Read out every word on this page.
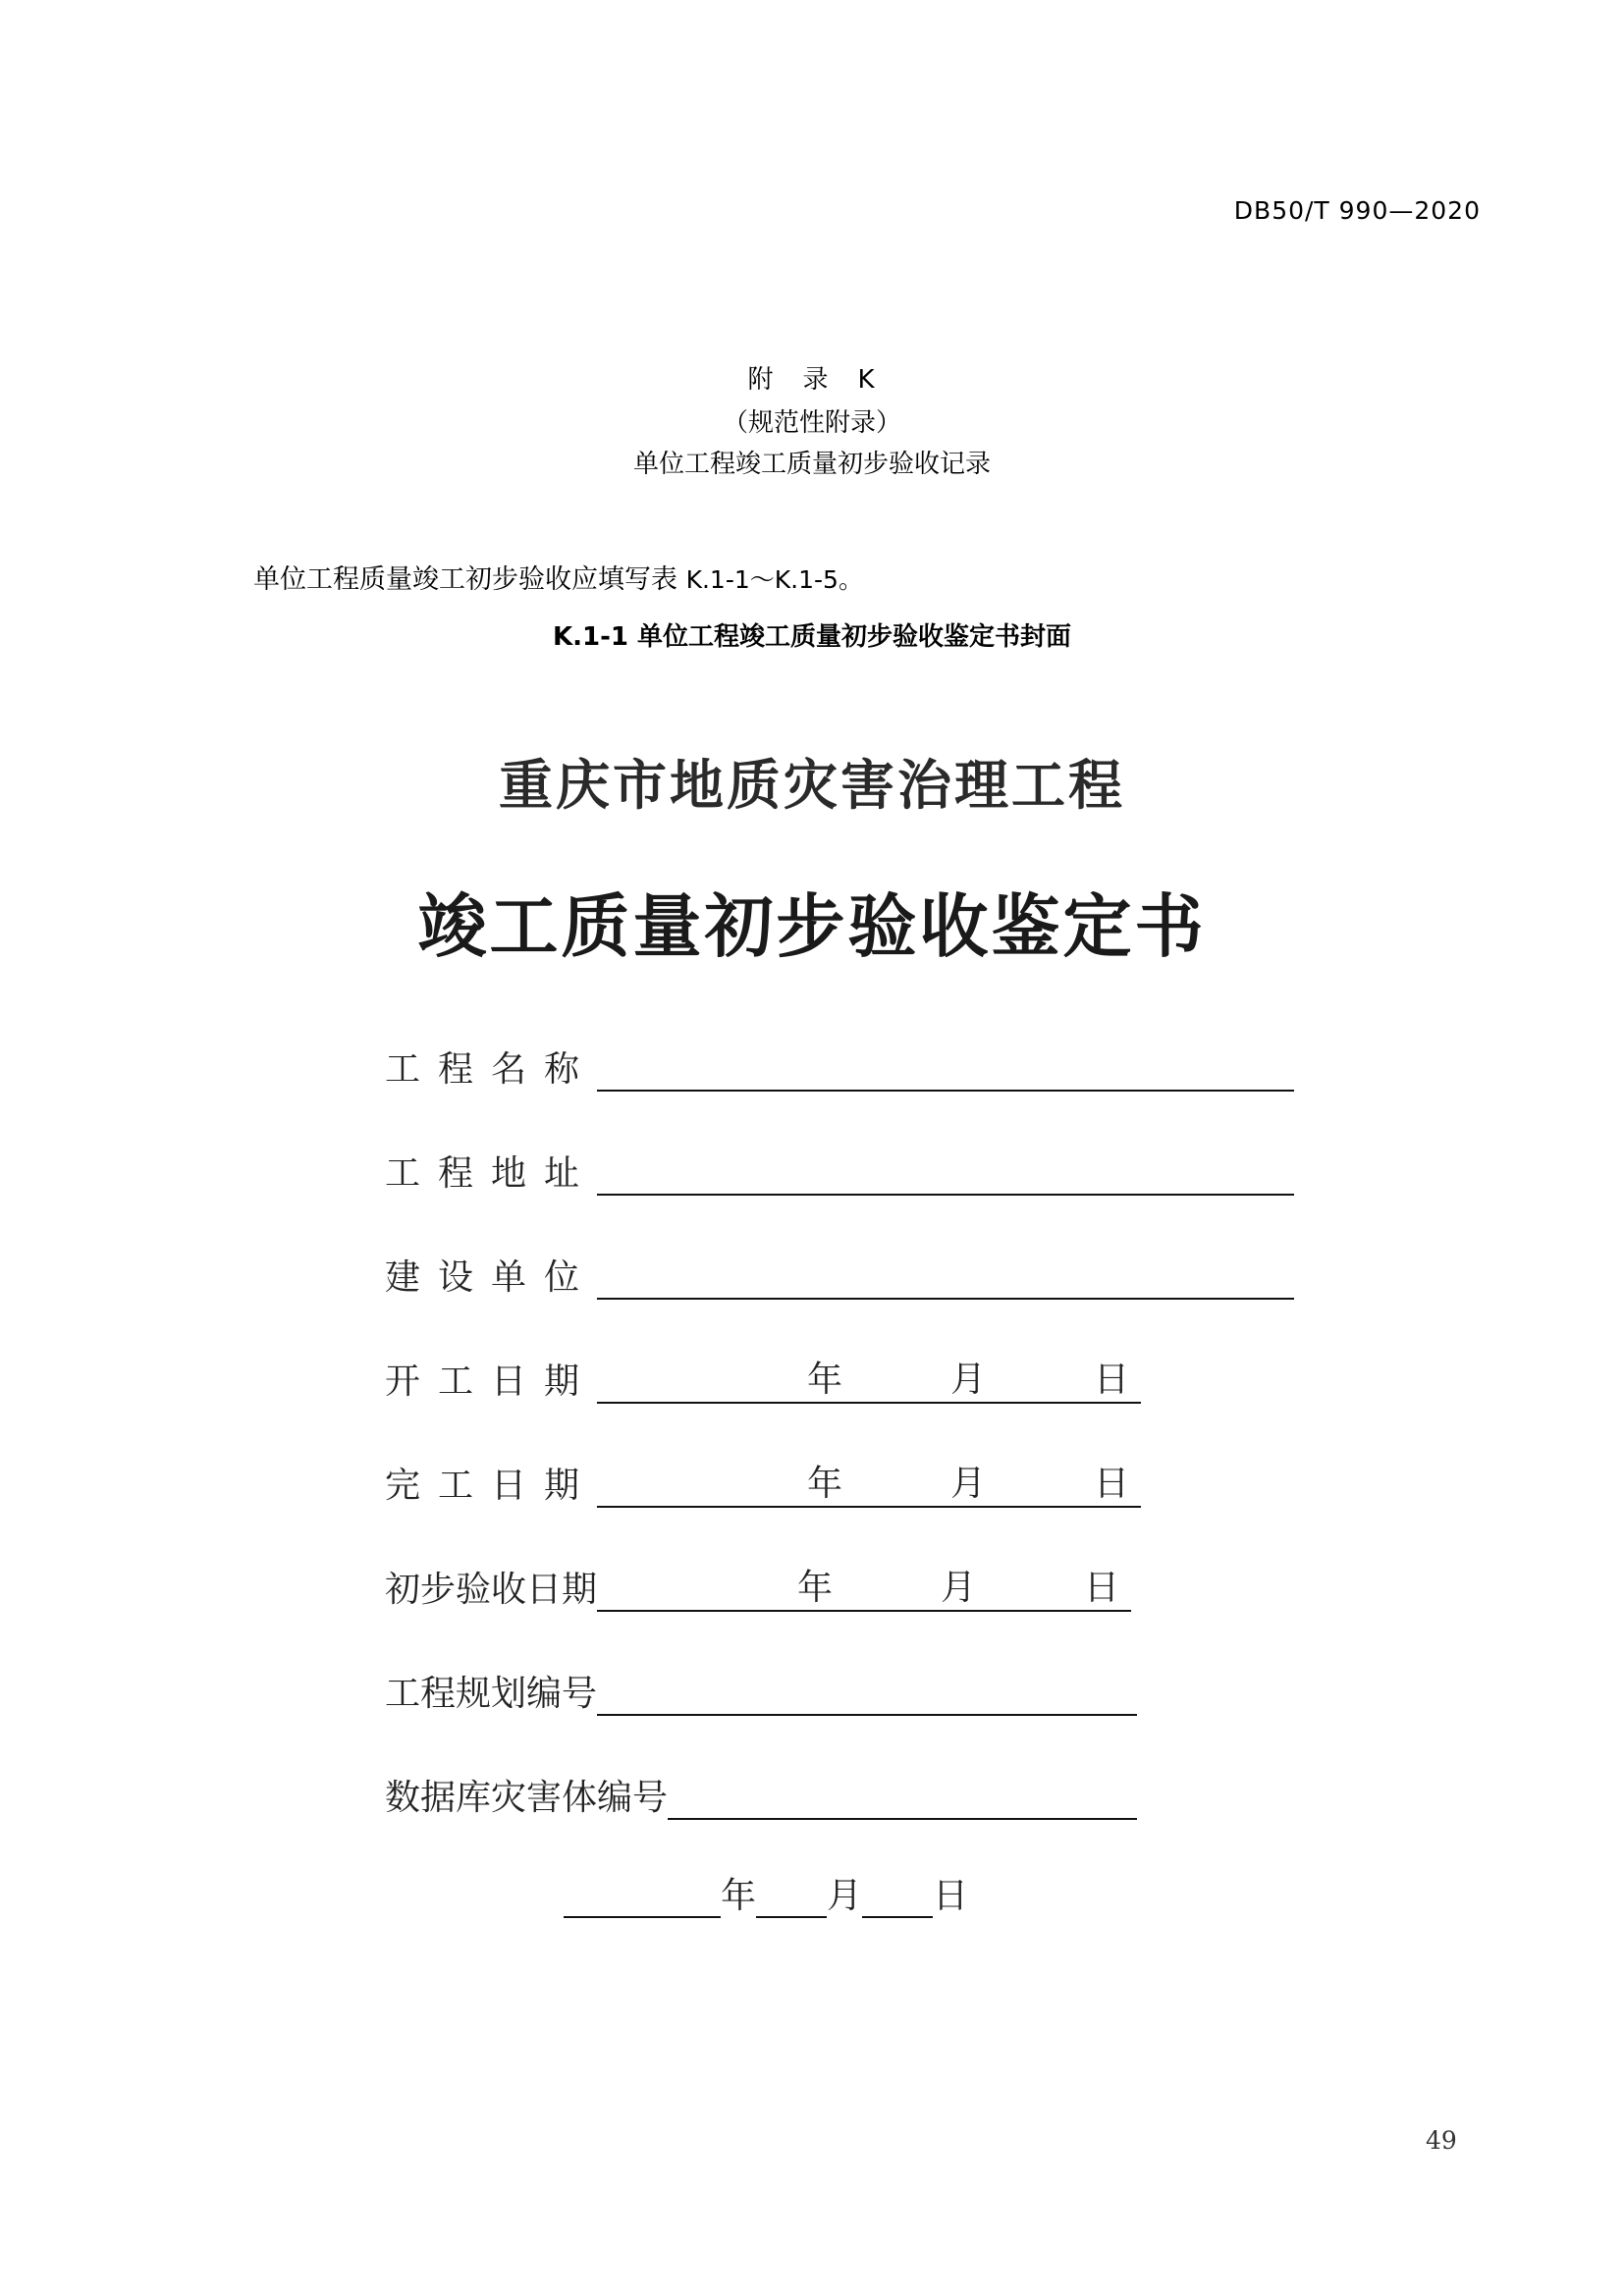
DB50/T 990—2020
附 录 K
（规范性附录）
单位工程竣工质量初步验收记录
单位工程质量竣工初步验收应填写表 K.1-1～K.1-5。
K.1-1 单位工程竣工质量初步验收鉴定书封面
重庆市地质灾害治理工程
竣工质量初步验收鉴定书
工程名称
工程地址
建设单位
开工日期	年	月	日
完工日期	年	月	日
初步验收日期	年	月	日
工程规划编号
数据库灾害体编号
年 月 日
49
